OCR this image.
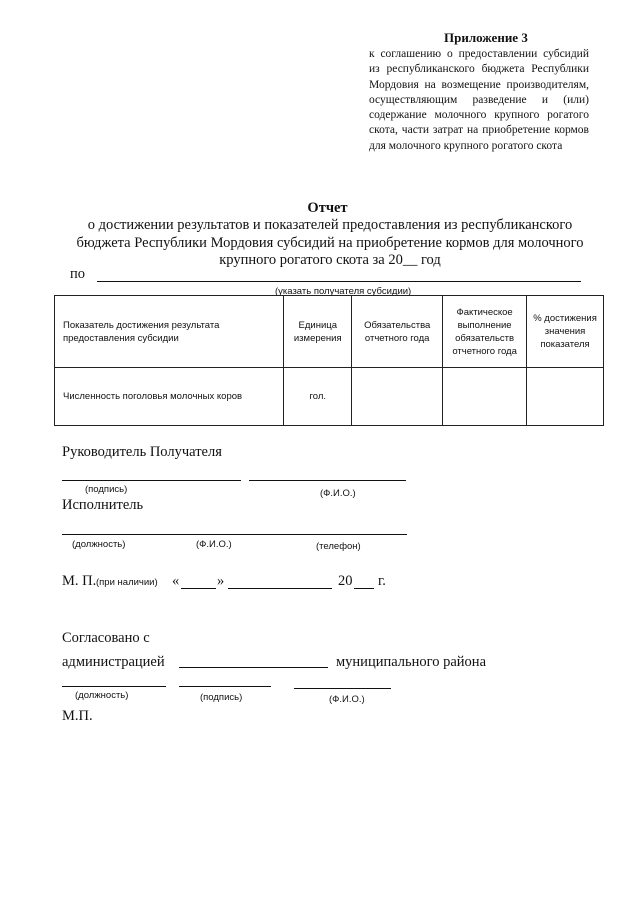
Приложение 3
к соглашению о предоставлении субсидий из республиканского бюджета Республики Мордовия на возмещение производителям, осуществляющим разведение и (или) содержание молочного крупного рогатого скота, части затрат на приобретение кормов для молочного крупного рогатого скота
Отчет
о достижении результатов и показателей предоставления из республиканского бюджета Республики Мордовия субсидий на приобретение кормов для молочного крупного рогатого скота за 20__ год
по
(указать получателя субсидии)
Показатель достижения результата предоставления субсидии	Единица измерения	Обязательства отчетного года	Фактическое выполнение обязательств отчетного года	% достижения значения показателя
Численность поголовья молочных коров	гол.			
Руководитель Получателя
(подпись)	(Ф.И.О.)
Исполнитель
(должность)	(Ф.И.О.)	(телефон)
М. П. (при наличии) «	»	20 г.
Согласовано с
администрацией	муниципального района
(должность)	(подпись)	(Ф.И.О.)
М.П.
